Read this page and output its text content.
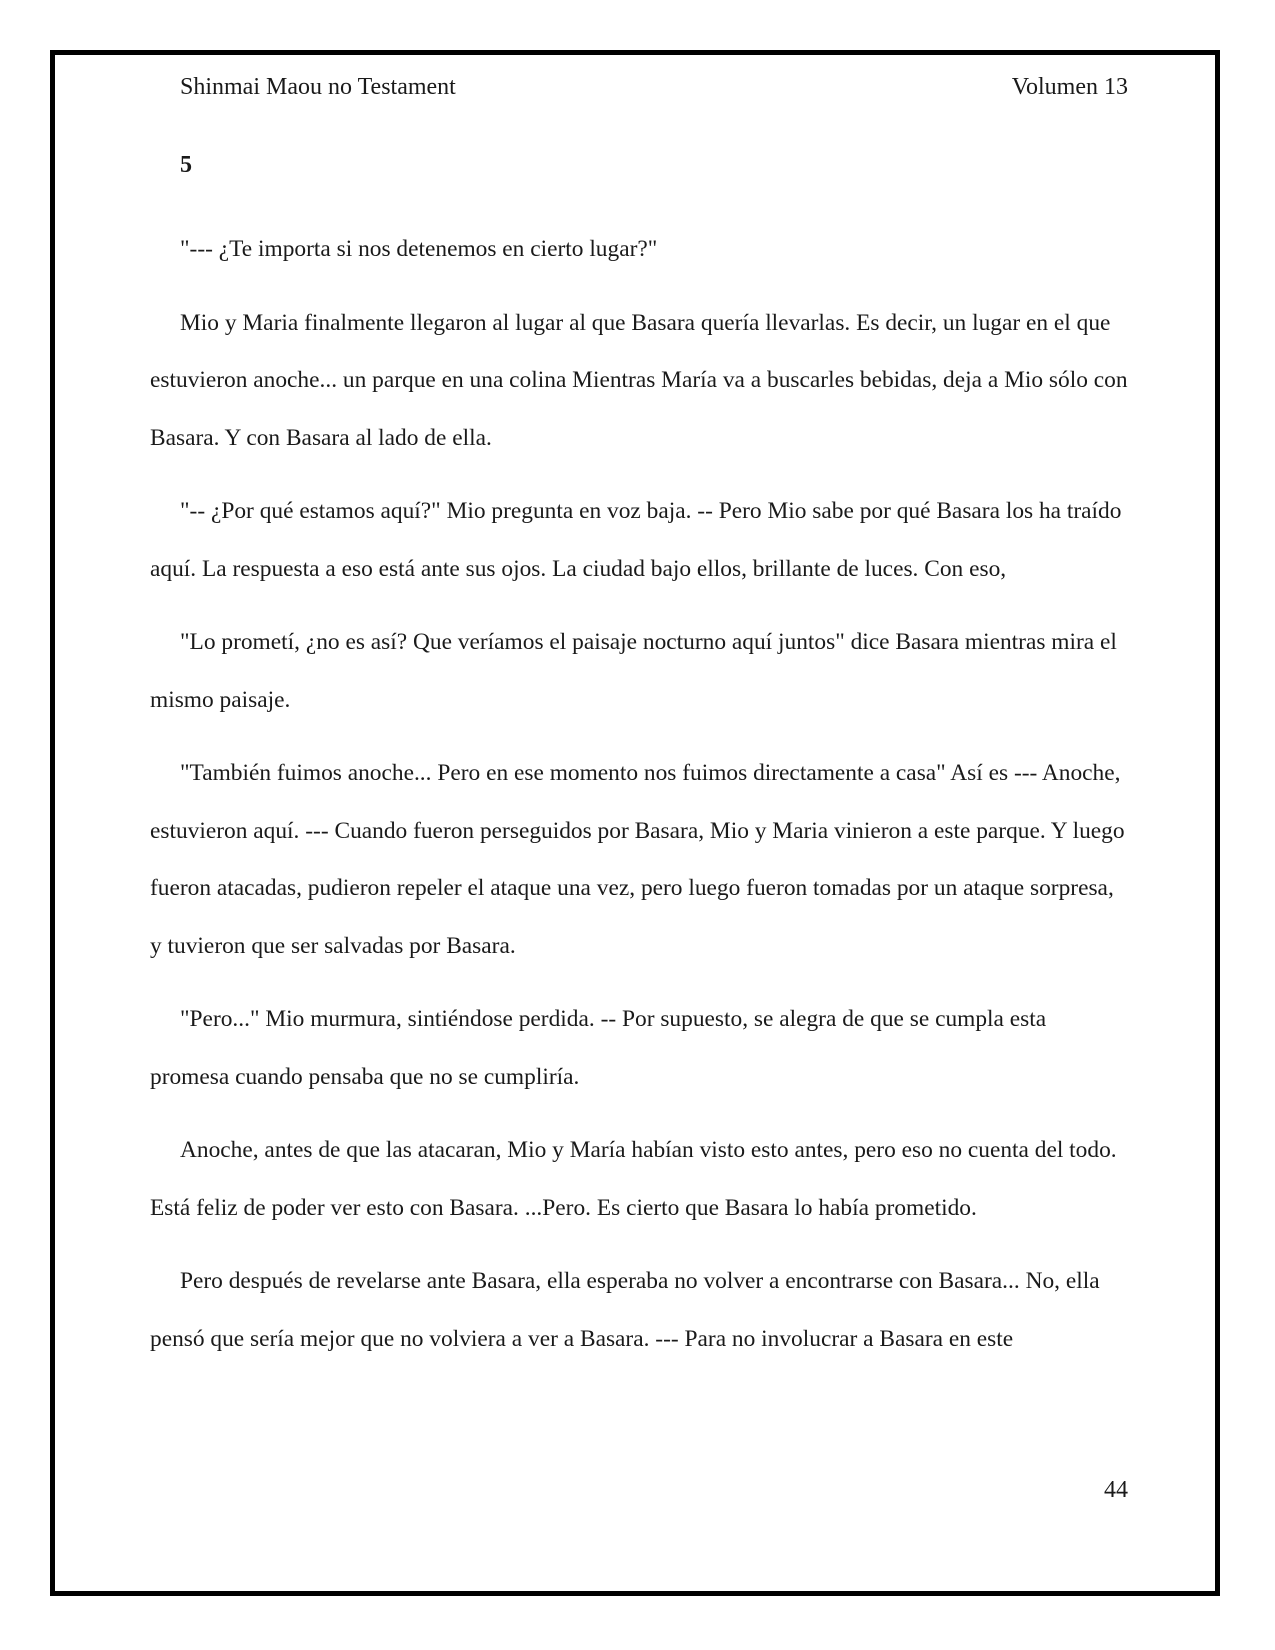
Shinmai Maou no Testament	Volumen 13
5

"--- ¿Te importa si nos detenemos en cierto lugar?"

Mio y Maria finalmente llegaron al lugar al que Basara quería llevarlas. Es decir, un lugar en el que estuvieron anoche... un parque en una colina Mientras María va a buscarles bebidas, deja a Mio sólo con Basara. Y con Basara al lado de ella.

"-- ¿Por qué estamos aquí?" Mio pregunta en voz baja. -- Pero Mio sabe por qué Basara los ha traído aquí. La respuesta a eso está ante sus ojos. La ciudad bajo ellos, brillante de luces. Con eso,

"Lo prometí, ¿no es así? Que veríamos el paisaje nocturno aquí juntos" dice Basara mientras mira el mismo paisaje.

"También fuimos anoche... Pero en ese momento nos fuimos directamente a casa" Así es --- Anoche, estuvieron aquí. --- Cuando fueron perseguidos por Basara, Mio y Maria vinieron a este parque. Y luego fueron atacadas, pudieron repeler el ataque una vez, pero luego fueron tomadas por un ataque sorpresa, y tuvieron que ser salvadas por Basara.

"Pero..." Mio murmura, sintiéndose perdida. -- Por supuesto, se alegra de que se cumpla esta promesa cuando pensaba que no se cumpliría.

Anoche, antes de que las atacaran, Mio y María habían visto esto antes, pero eso no cuenta del todo. Está feliz de poder ver esto con Basara. ...Pero. Es cierto que Basara lo había prometido.

Pero después de revelarse ante Basara, ella esperaba no volver a encontrarse con Basara... No, ella pensó que sería mejor que no volviera a ver a Basara. --- Para no involucrar a Basara en este

44
